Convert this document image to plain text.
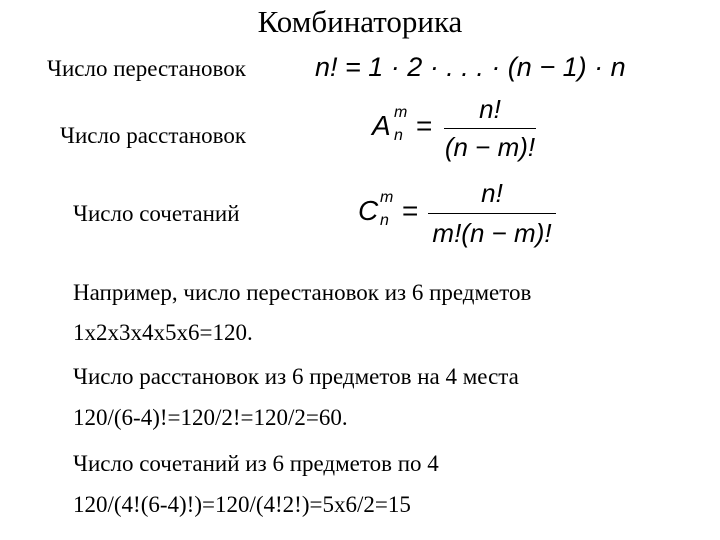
Комбинаторика
Число перестановок	n! = 1 · 2 · . . . · (n − 1) · n
Число расстановок	A m
n =
n!
(n − m)!
Число сочетаний	C m
n =
n!
m!(n − m)!
Например, число перестановок из 6 предметов
1х2х3х4х5х6=120.
Число расстановок из 6 предметов на 4 места
120/(6-4)!=120/2!=120/2=60.
Число сочетаний из 6 предметов по 4
120/(4!(6-4)!)=120/(4!2!)=5х6/2=15
